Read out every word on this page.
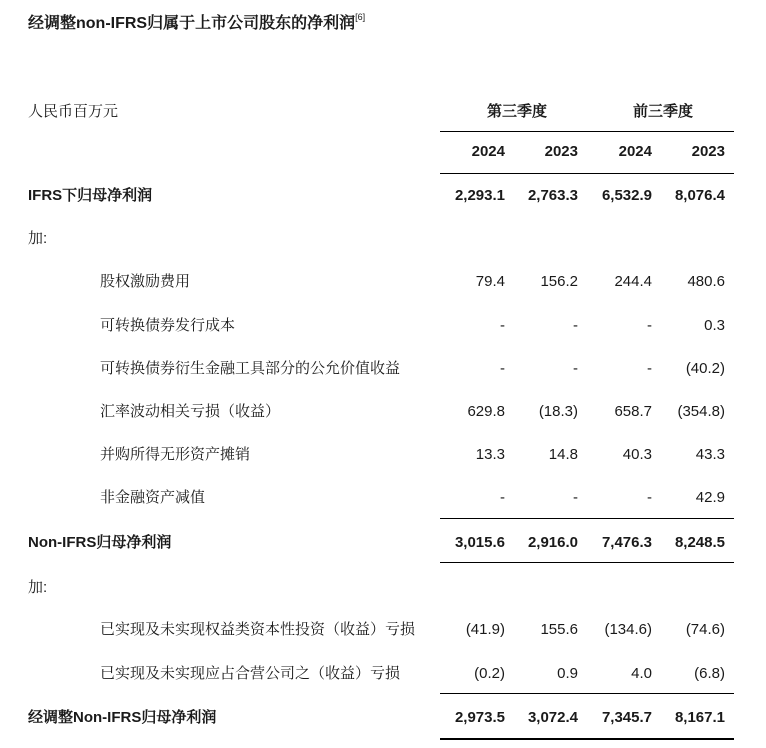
经调整non-IFRS归属于上市公司股东的净利润[6]
人民币百万元	第三季度	前三季度
2024	2023	2024	2023
IFRS下归母净利润	2,293.1	2,763.3	6,532.9	8,076.4
加:
股权激励费用	79.4	156.2	244.4	480.6
可转换债券发行成本	-	-	-	0.3
可转换债券衍生金融工具部分的公允价值收益	-	-	-	(40.2)
汇率波动相关亏损（收益）	629.8	(18.3)	658.7	(354.8)
并购所得无形资产摊销	13.3	14.8	40.3	43.3
非金融资产减值	-	-	-	42.9
Non-IFRS归母净利润	3,015.6	2,916.0	7,476.3	8,248.5
加:
已实现及未实现权益类资本性投资（收益）亏损	(41.9)	155.6	(134.6)	(74.6)
已实现及未实现应占合营公司之（收益）亏损	(0.2)	0.9	4.0	(6.8)
经调整Non-IFRS归母净利润	2,973.5	3,072.4	7,345.7	8,167.1
